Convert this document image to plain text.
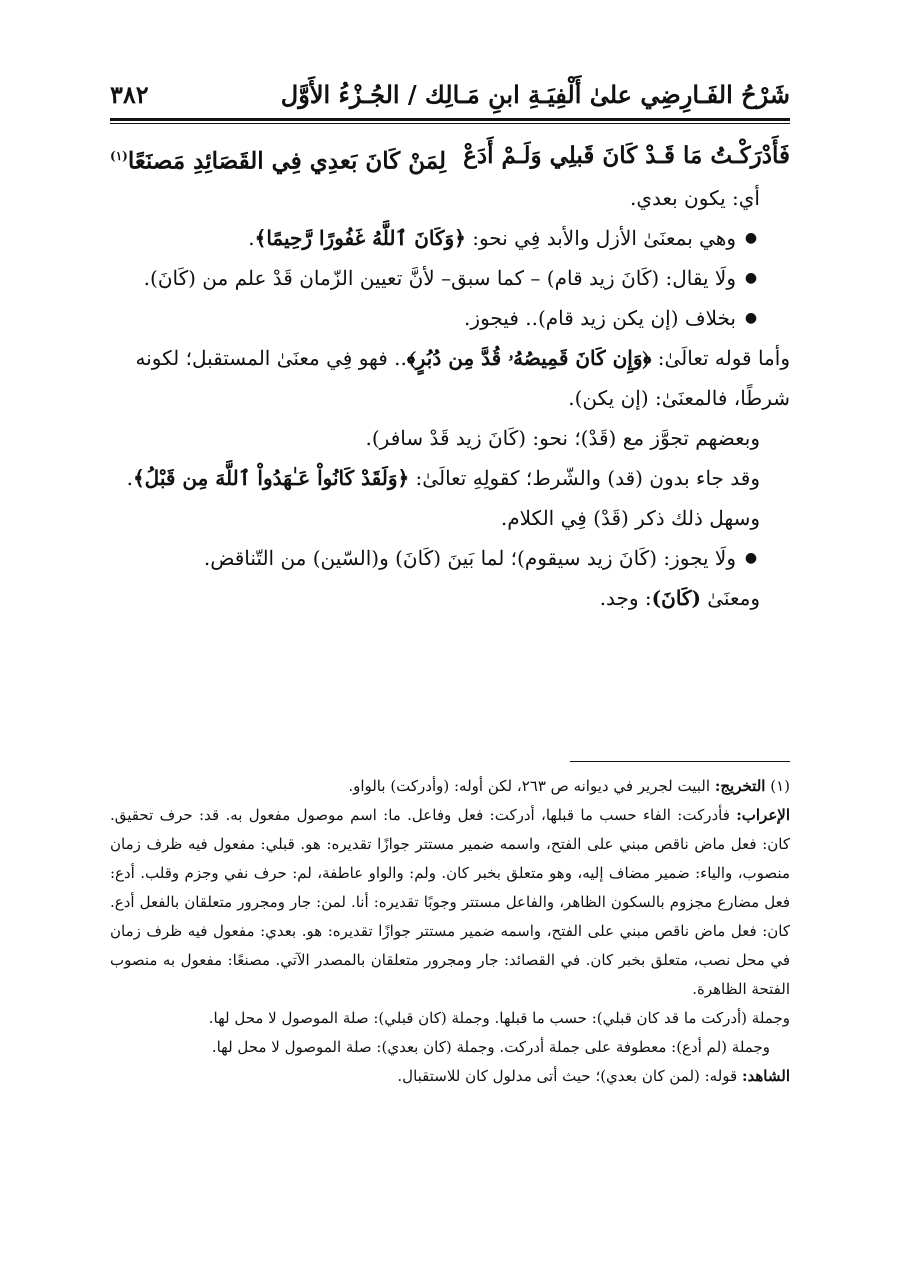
شَرْحُ الفَـارِضِي علىٰ أَلْفِيَـةِ ابنِ مَـالِك / الجُـزْءُ الأَوَّل
٣٨٢
فَأَدْرَكْـتُ مَا قَـدْ كَانَ قَبلِي وَلَـمْ أَدَعْ
لِمَنْ كَانَ بَعدِي فِي القَصَائِدِ مَصنَعًا$^{(١)}$

أي: يكون بعدي.

●
وهي بمعنَىٰ الأزل والأبد فِي نحو: ﴿وَكَانَ ٱللَّهُ غَفُورًا رَّحِيمًا﴾.
●
ولَا يقال: (كَانَ زيد قام) – كما سبق– لأنَّ تعيين الزّمان قَدْ علم من (كَانَ).
●
بخلاف (إن يكن زيد قام).. فيجوز.

وأما قوله تعالَىٰ: ﴿وَإِن كَانَ قَمِيصُهُۥ قُدَّ مِن دُبُرٍ﴾.. فهو فِي معنَىٰ المستقبل؛ لكونه شرطًا، فالمعنَىٰ: (إن يكن).

وبعضهم تجوَّز مع (قَدْ)؛ نحو: (كَانَ زيد قَدْ سافر).

وقد جاء بدون (قد) والشّرط؛ كقولِهِ تعالَىٰ: ﴿وَلَقَدْ كَانُواْ عَـٰهَدُواْ ٱللَّهَ مِن قَبْلُ﴾.

وسهل ذلك ذكر (قَدْ) فِي الكلام.

●
ولَا يجوز: (كَانَ زيد سيقوم)؛ لما بَينَ (كَانَ) و(السّين) من التّناقض.

ومعنَىٰ (كَانَ): وجد.

(١) التخريج: البيت لجرير في ديوانه ص ٢٦٣، لكن أوله: (وأدركت) بالواو.

الإعراب: فأدركت: الفاء حسب ما قبلها، أدركت: فعل وفاعل. ما: اسم موصول مفعول به. قد: حرف تحقيق. كان: فعل ماض ناقص مبني على الفتح، واسمه ضمير مستتر جوازًا تقديره: هو. قبلي: مفعول فيه ظرف زمان منصوب، والياء: ضمير مضاف إليه، وهو متعلق بخبر كان. ولم: والواو عاطفة، لم: حرف نفي وجزم وقلب. أدع: فعل مضارع مجزوم بالسكون الظاهر، والفاعل مستتر وجوبًا تقديره: أنا. لمن: جار ومجرور متعلقان بالفعل أدع. كان: فعل ماض ناقص مبني على الفتح، واسمه ضمير مستتر جوازًا تقديره: هو. بعدي: مفعول فيه ظرف زمان في محل نصب، متعلق بخبر كان. في القصائد: جار ومجرور متعلقان بالمصدر الآتي. مصنعًا: مفعول به منصوب الفتحة الظاهرة.

وجملة (أدركت ما قد كان قبلي): حسب ما قبلها. وجملة (كان قبلي): صلة الموصول لا محل لها.

وجملة (لم أدع): معطوفة على جملة أدركت. وجملة (كان بعدي): صلة الموصول لا محل لها.

الشاهد: قوله: (لمن كان بعدي)؛ حيث أتى مدلول كان للاستقبال.
